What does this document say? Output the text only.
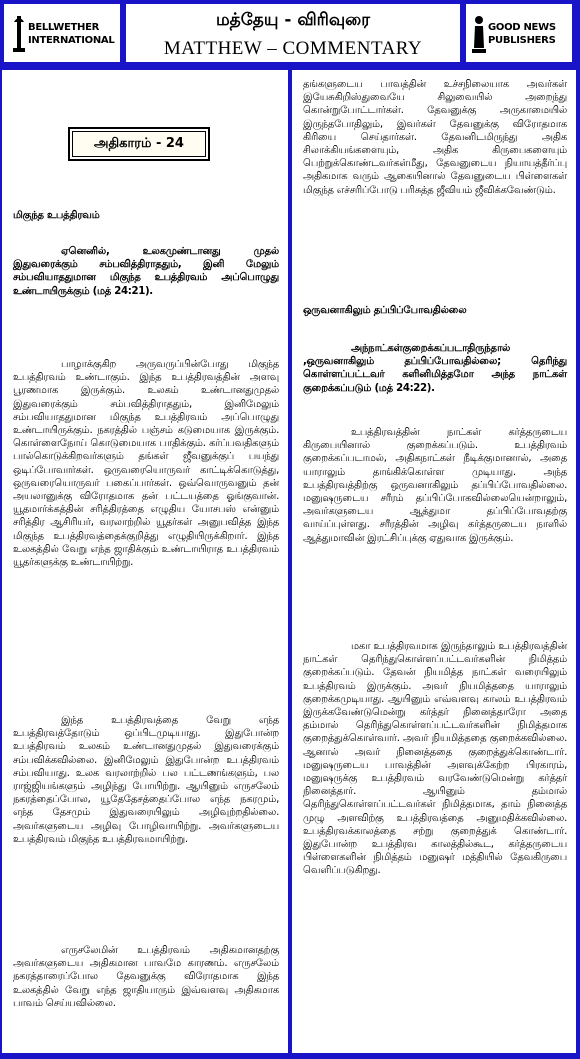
BELLWETHER
INTERNATIONAL
மத்தேயு - விரிவுரை
MATTHEW – COMMENTARY
GOOD NEWS
PUBLISHERS
அதிகாரம் - 24
மிகுந்த உபத்திரவம்
ஏனெனில், உலகமுண்டானது முதல் இதுவரைக்கும் சம்பவித்திராததும், இனி மேலும் சம்பவியாததுமான மிகுந்த உபத்திரவம் அப்பொழுது உண்டாயிருக்கும் (மத் 24:21).
பாழாக்குகிற அருவருப்பின்போது மிகுந்த உபத்திரவம் உண்டாகும். இந்த உபத்திரவத்தின் அளவு பூரணமாக இருக்கும். உலகம் உண்டானதுமுதல் இதுவரைக்கும் சம்பவித்திராததும், இனிமேலும் சம்பவியாததுமான மிகுந்த உபத்திரவம் அப்பொழுது உண்டாயிருக்கும். நகரத்தில் பஞ்சம் கடுமையாக இருக்கும். கொள்ளைநோய் கொடுமையாக பாதிக்கும். கர்ப்பவதிகளும் பால்கொடுக்கிறவர்களும் தங்கள் ஜீவனுக்குப் பயந்து ஒடிப்போவார்கள். ஒருவரையொருவர் காட்டிக்கொடுத்து, ஒருவரையொருவர் பகைப்பார்கள். ஒவ்வொருவனும் தன் அயலானுக்கு விரோதமாக தன் பட்டயத்தை ஓங்குவான். யூதமார்க்கத்தின் சரித்திரத்தை எழுதிய யோசபஸ் என்னும் சரித்திர ஆசிரியர், வரலாற்றில் யூதர்கள் அனுபவித்த இந்த மிகுந்த உபத்திரவத்தைக்குறித்து எழுதியிருக்கிறார். இந்த உலகத்தில் வேறு எந்த ஜாதிக்கும் உண்டாயிராத உபத்திரவம் யூதர்களுக்கு உண்டாயிற்று.
இந்த உபத்திரவத்தை வேறு எந்த உபத்திரவத்தோடும் ஒப்பிடமுடியாது. இதுபோன்ற உபத்திரவம் உலகம் உண்டானதுமுதல் இதுவரைக்கும் சம்பவிக்கவில்லை. இனிமேலும் இதுபோன்ற உபத்திரவம் சம்பவியாது. உலக வரலாற்றில் பல பட்டணங்களும், பல ராஜ்ஜியங்களும் அழிந்து போயிற்று. ஆயினும் எருசலேம் நகரத்தைப்போல, யூதேதேசத்தைப்போல எந்த நகரமும், எந்த தேசமும் இதுவரையிலும் அழிவுற்றதில்லை. அவர்களுடைய அழிவு போழிவாயிற்று. அவர்களுடைய உபத்திரவம் மிகுந்த உபத்திரவமாயிற்று.
எருசலேமின் உபத்திரவம் அதிகமானதற்கு அவர்களுடைய அதிகமான பாவமே காரணம். எருசலேம் நகரத்தாரைப்போல தேவனுக்கு விரோதமாக இந்த உலகத்தில் வேறு எந்த ஜாதியாரும் இவ்வளவு அதிகமாக பாவம் செய்யவில்லை.
தங்களுடைய பாவத்தின் உச்சநிலையாக அவர்கள் இயேசுகிறிஸ்துவையே சிலுவையில் அறைந்து கொன்றுபோட்டார்கள். தேவனுக்கு அருகாமையில் இருந்தபோதிலும், இவர்கள் தேவனுக்கு விரோதமாக கிரியை செய்தார்கள். தேவனிடமிருந்து அதிக சிலாக்கியங்களையும், அதிக கிருபைகளையும் பெற்றுக்கொண்டவர்கள்மீது, தேவனுடைய நியாயத்தீர்ப்பு அதிகமாக வரும் ஆகையினால் தேவனுடைய பிள்ளைகள் மிகுந்த எச்சரிப்போடு பரிசுத்த ஜீவியம் ஜீவிக்கவேண்டும்.
ஒருவனாகிலும் தப்பிப்போவதில்லை
அந்நாட்கள்குறைக்கப்படாதிருந்தால் ,ஒருவனாகிலும் தப்பிப்போவதில்லை; தெரிந்து கொள்ளப்பட்டவர் களினிமித்தமோ அந்த நாட்கள் குறைக்கப்படும் (மத் 24:22).
உபத்திரவத்தின் நாட்கள் கர்த்தருடைய கிருபையினால் குறைக்கப்படும். உபத்திரவம் குறைக்கப்படாமல், அதிகநாட்கள் நீடிக்குமானால், அதை யாராலும் தாங்கிக்கொள்ள முடியாது. அந்த உபத்திரவத்திற்கு ஒருவனாகிலும் தப்பிப்போவதில்லை. மனுஷருடைய சரீரம் தப்பிப்போகவில்லையென்றாலும், அவர்களுடைய ஆத்துமா தப்பிப்போவதற்கு வாய்ப்புள்ளது. சரீரத்தின் அழிவு கர்த்தருடைய நாளில் ஆத்துமாவின் இரட்சிப்புக்கு ஏதுவாக இருக்கும்.
மகா உபத்திரவமாக இருந்தாலும் உபத்திரவத்தின் நாட்கள் தெரிந்துகொள்ளப்பட்டவர்களின் நிமித்தம் குறைக்கப்படும். தேவன் நியமித்த நாட்கள் வரையிலும் உபத்திரவம் இருக்கும். அவர் நியமித்ததை யாராலும் குறைக்கமுடியாது. ஆயினும் எவ்வளவு காலம் உபத்திரவம் இருக்கவேண்டுமென்று கர்த்தர் நினைத்தாரோ அதை தம்மால் தெரிந்துகொள்ளப்பட்டவர்களின் நிமித்தமாக குறைத்துக்கொள்வார். அவர் நியமித்ததை குறைக்கவில்லை. ஆனால் அவர் நினைத்ததை குறைத்துக்கொண்டார். மனுஷருடைய பாவத்தின் அளவுக்கேற்ற பிரகாரம், மனுஷருக்கு உபத்திரவம் வரவேண்டுமென்று கர்த்தர் நினைத்தார். ஆயினும் தம்மால் தெரிந்துகொள்ளப்பட்டவர்கள் நிமித்தமாக, தாம் நினைத்த முழு அளவிற்கு உபத்திரவத்தை அனுமதிக்கவில்லை. உபத்திரவக்காலத்தை சற்று குறைத்துக் கொண்டார். இதுபோன்ற உபத்திரவ காலத்தில்கூட, கர்த்தருடைய பிள்ளைகளின் நிமித்தம் மனுஷர் மத்தியில் தேவகிருபை வெளிப்படுகிறது.
